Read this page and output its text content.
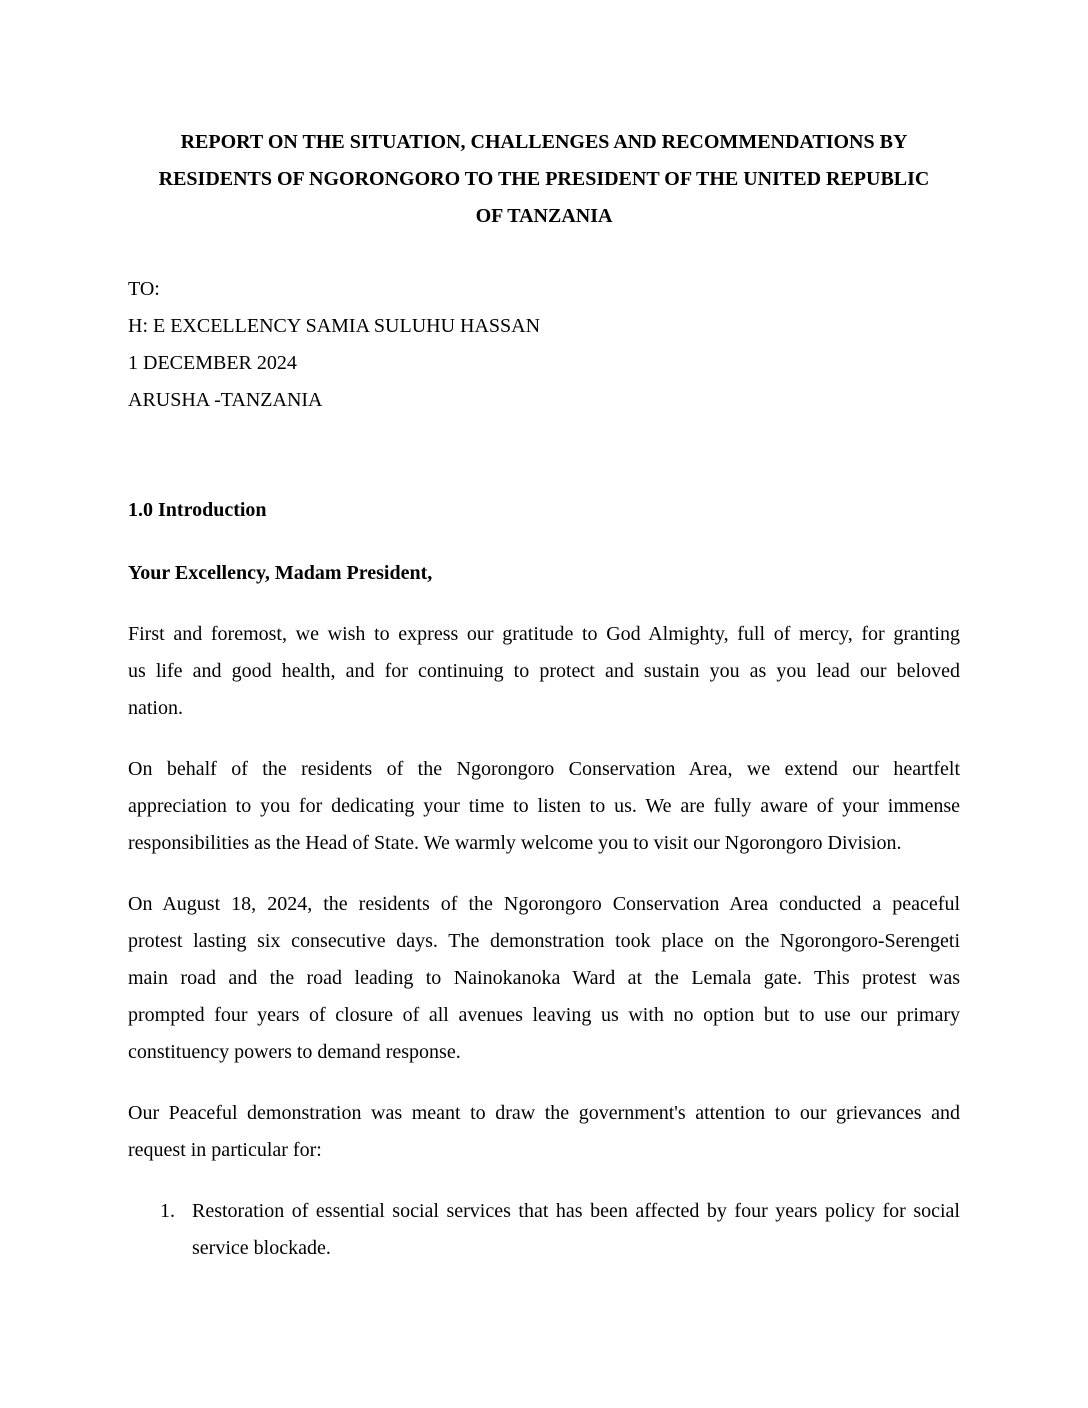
REPORT ON THE SITUATION, CHALLENGES AND RECOMMENDATIONS BY
RESIDENTS OF NGORONGORO TO THE PRESIDENT OF THE UNITED REPUBLIC
OF TANZANIA
TO:
H: E EXCELLENCY SAMIA SULUHU HASSAN
1 DECEMBER 2024
ARUSHA -TANZANIA
1.0 Introduction
Your Excellency, Madam President,
First and foremost, we wish to express our gratitude to God Almighty, full of mercy, for granting
us life and good health, and for continuing to protect and sustain you as you lead our beloved
nation.
On behalf of the residents of the Ngorongoro Conservation Area, we extend our heartfelt
appreciation to you for dedicating your time to listen to us. We are fully aware of your immense
responsibilities as the Head of State. We warmly welcome you to visit our Ngorongoro Division.
On August 18, 2024, the residents of the Ngorongoro Conservation Area conducted a peaceful
protest lasting six consecutive days. The demonstration took place on the Ngorongoro-Serengeti
main road and the road leading to Nainokanoka Ward at the Lemala gate. This protest was
prompted four years of closure of all avenues leaving us with no option but to use our primary
constituency powers to demand response.
Our Peaceful demonstration was meant to draw the government's attention to our grievances and
request in particular for:
1. Restoration of essential social services that has been affected by four years policy for social
service blockade.
